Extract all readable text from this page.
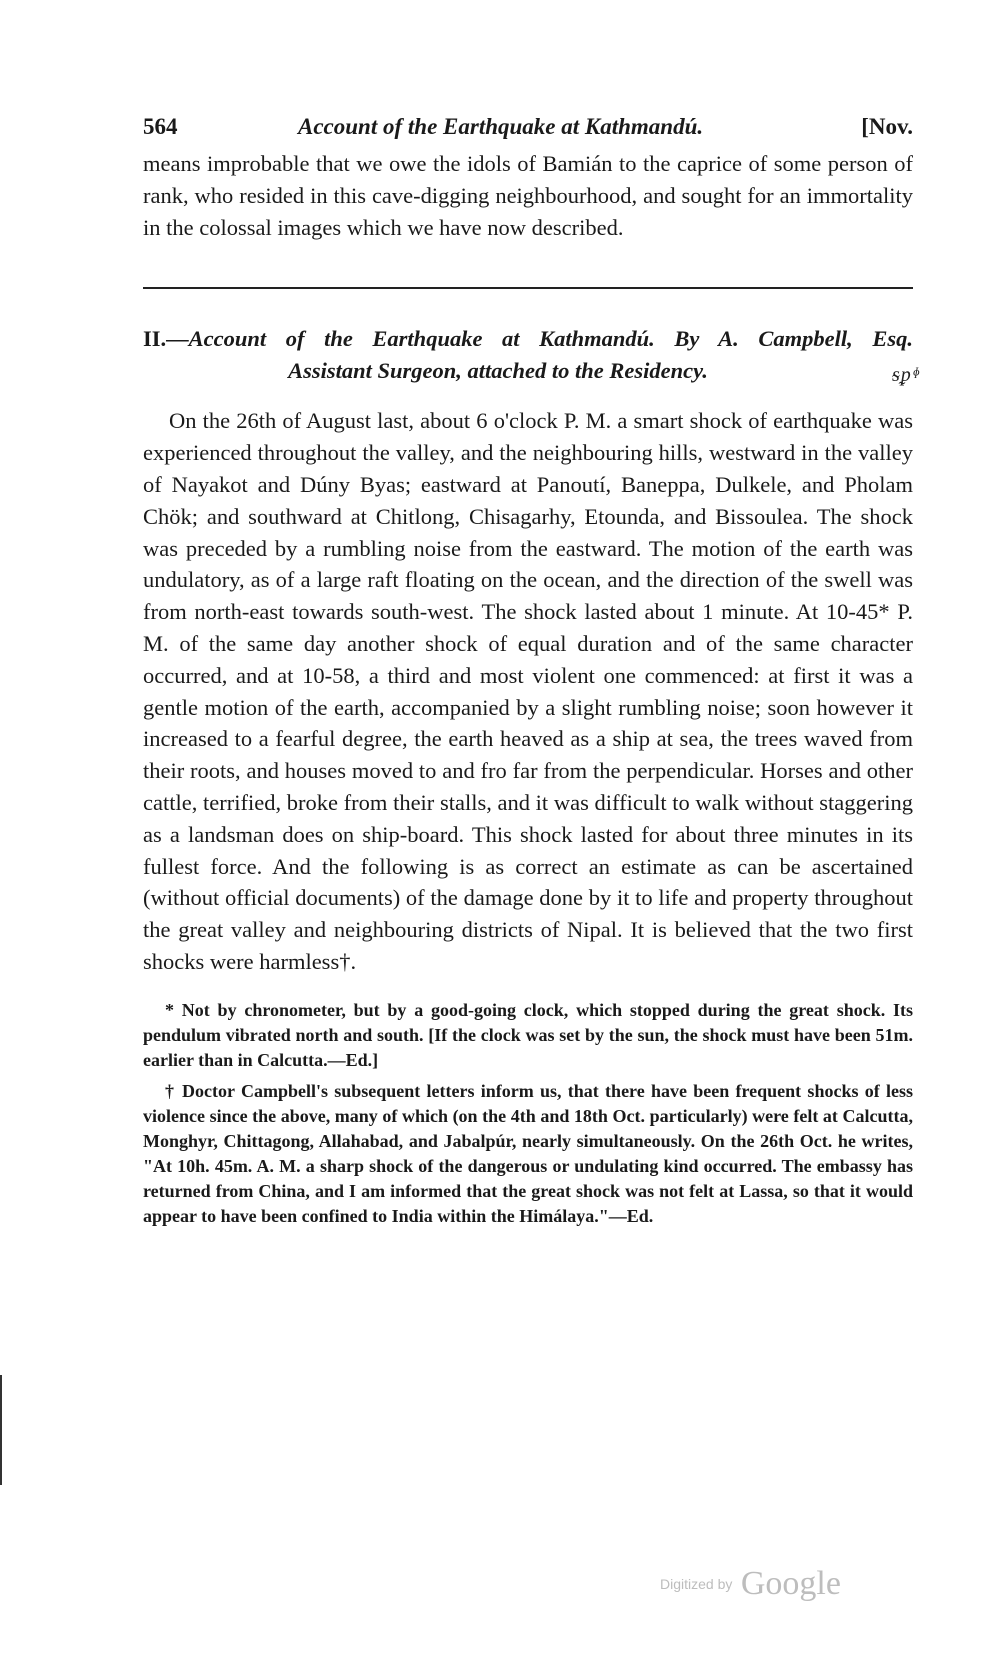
564	Account of the Earthquake at Kathmandú.	[Nov.

means improbable that we owe the idols of Bamián to the caprice of some person of rank, who resided in this cave-digging neighbourhood, and sought for an immortality in the colossal images which we have now described.

II.—Account of the Earthquake at Kathmandú. By A. Campbell, Esq.
Assistant Surgeon, attached to the Residency.	ᵴᵱᶲ

On the 26th of August last, about 6 o'clock P. M. a smart shock of earthquake was experienced throughout the valley, and the neighbouring hills, westward in the valley of Nayakot and Dúny Byas; eastward at Panoutí, Baneppa, Dulkele, and Pholam Chök; and southward at Chitlong, Chisagarhy, Etounda, and Bissoulea. The shock was preceded by a rumbling noise from the eastward. The motion of the earth was undulatory, as of a large raft floating on the ocean, and the direction of the swell was from north-east towards south-west. The shock lasted about 1 minute. At 10-45* P. M. of the same day another shock of equal duration and of the same character occurred, and at 10-58, a third and most violent one commenced: at first it was a gentle motion of the earth, accompanied by a slight rumbling noise; soon however it increased to a fearful degree, the earth heaved as a ship at sea, the trees waved from their roots, and houses moved to and fro far from the perpendicular. Horses and other cattle, terrified, broke from their stalls, and it was difficult to walk without staggering as a landsman does on ship-board. This shock lasted for about three minutes in its fullest force. And the following is as correct an estimate as can be ascertained (without official documents) of the damage done by it to life and property throughout the great valley and neighbouring districts of Nipal. It is believed that the two first shocks were harmless†.

* Not by chronometer, but by a good-going clock, which stopped during the great shock. Its pendulum vibrated north and south. [If the clock was set by the sun, the shock must have been 51m. earlier than in Calcutta.—Ed.]

† Doctor Campbell's subsequent letters inform us, that there have been frequent shocks of less violence since the above, many of which (on the 4th and 18th Oct. particularly) were felt at Calcutta, Monghyr, Chittagong, Allahabad, and Jabalpúr, nearly simultaneously. On the 26th Oct. he writes, "At 10h. 45m. A. M. a sharp shock of the dangerous or undulating kind occurred. The embassy has returned from China, and I am informed that the great shock was not felt at Lassa, so that it would appear to have been confined to India within the Himálaya."—Ed.

Digitized by Google
